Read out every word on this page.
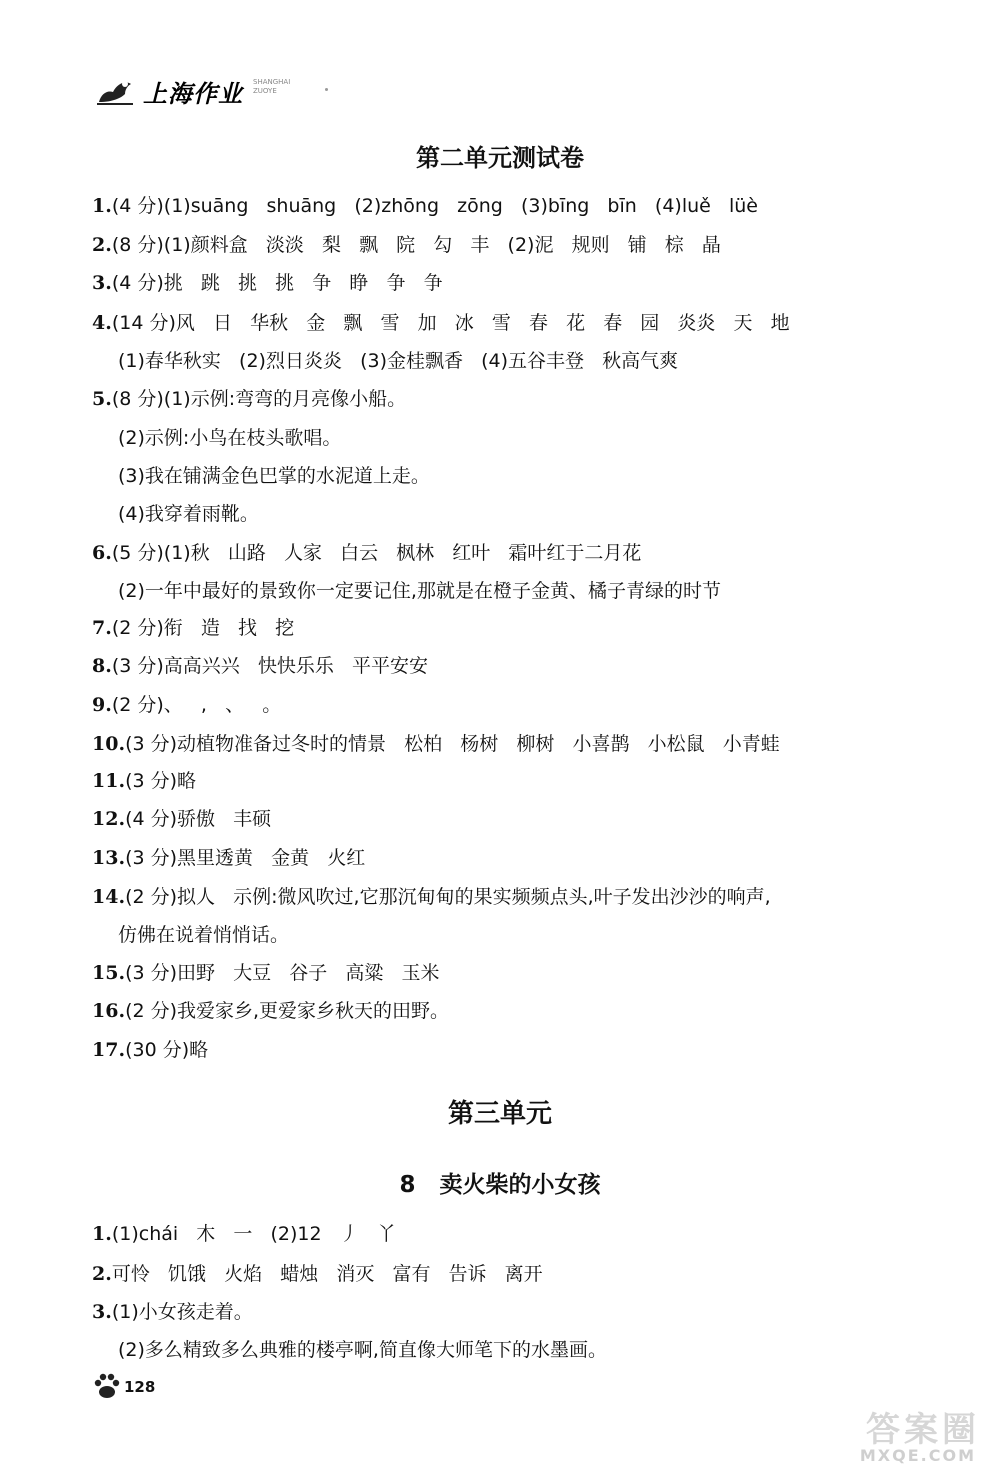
上海作业 SHANGHAI ZUOYE
第二单元测试卷
1.(4 分)(1)suāng   shuāng   (2)zhōng   zōng   (3)bīng   bīn   (4)luě   lüè
2.(8 分)(1)颜料盒   淡淡   梨   飘   院   勾   丰   (2)泥   规则   铺   棕   晶
3.(4 分)挑   跳   挑   挑   争   睁   争   争
4.(14 分)风   日   华秋   金   飘   雪   加   冰   雪   春   花   春   园   炎炎   天   地
(1)春华秋实   (2)烈日炎炎   (3)金桂飘香   (4)五谷丰登   秋高气爽
5.(8 分)(1)示例:弯弯的月亮像小船。
(2)示例:小鸟在枝头歌唱。
(3)我在铺满金色巴掌的水泥道上走。
(4)我穿着雨靴。
6.(5 分)(1)秋   山路   人家   白云   枫林   红叶   霜叶红于二月花
(2)一年中最好的景致你一定要记住,那就是在橙子金黄、橘子青绿的时节
7.(2 分)衔   造   找   挖
8.(3 分)高高兴兴   快快乐乐   平平安安
9.(2 分)、   ,   、   。
10.(3 分)动植物准备过冬时的情景   松柏   杨树   柳树   小喜鹊   小松鼠   小青蛙
11.(3 分)略
12.(4 分)骄傲   丰硕
13.(3 分)黑里透黄   金黄   火红
14.(2 分)拟人   示例:微风吹过,它那沉甸甸的果实频频点头,叶子发出沙沙的响声,
仿佛在说着悄悄话。
15.(3 分)田野   大豆   谷子   高粱   玉米
16.(2 分)我爱家乡,更爱家乡秋天的田野。
17.(30 分)略
第三单元
8   卖火柴的小女孩
1.(1)chái   木   一   (2)12   丿   丫
2.可怜   饥饿   火焰   蜡烛   消灭   富有   告诉   离开
3.(1)小女孩走着。
(2)多么精致多么典雅的楼亭啊,简直像大师笔下的水墨画。
128
答案圈
MXQE.COM
